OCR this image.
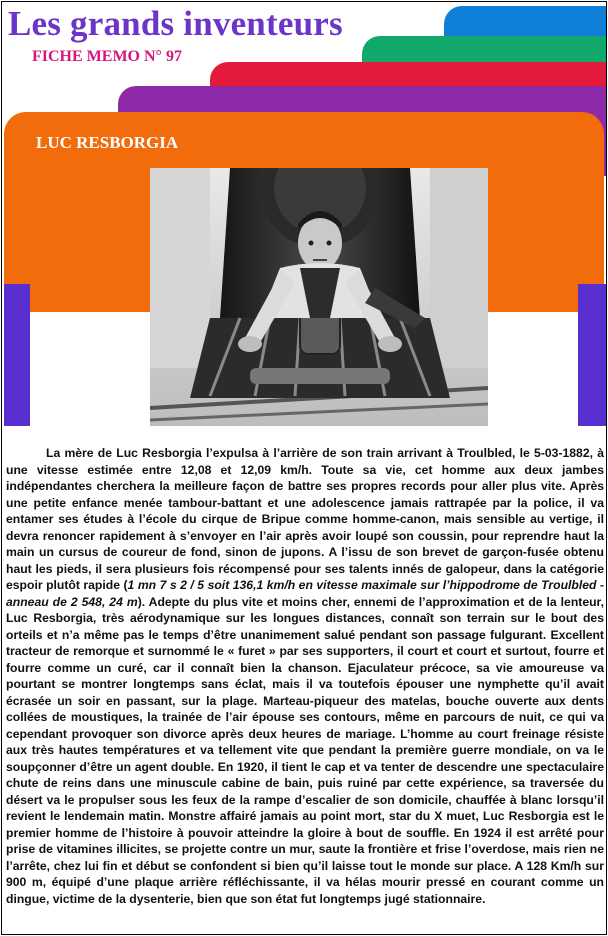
Les grands inventeurs
FICHE MEMO N° 97
LUC RESBORGIA

La mère de Luc Resborgia l’expulsa à l’arrière de son train arrivant à Troulbled, le 5-03-1882, à une vitesse estimée entre 12,08 et 12,09 km/h. Toute sa vie, cet homme aux deux jambes indépendantes cherchera la meilleure façon de battre ses propres records pour aller plus vite. Après une petite enfance menée tambour-battant et une adolescence jamais rattrapée par la police, il va entamer ses études à l’école du cirque de Bripue comme homme-canon, mais sensible au vertige, il devra renoncer rapidement à s’envoyer en l’air après avoir loupé son coussin, pour reprendre haut la main un cursus de coureur de fond, sinon de jupons. A l’issu de son brevet de garçon-fusée obtenu haut les pieds, il sera plusieurs fois récompensé pour ses talents innés de galopeur, dans la catégorie espoir plutôt rapide (1 mn 7 s 2 / 5 soit 136,1 km/h en vitesse maximale sur l’hippodrome de Troulbled - anneau de 2 548, 24 m). Adepte du plus vite et moins cher, ennemi de l’approximation et de la lenteur, Luc Resborgia, très aérodynamique sur les longues distances, connaît son terrain sur le bout des orteils et n’a même pas le temps d’être unanimement salué pendant son passage fulgurant. Excellent tracteur de remorque et surnommé le « furet » par ses supporters, il court et court et surtout, fourre et fourre comme un curé, car il connaît bien la chanson. Ejaculateur précoce, sa vie amoureuse va pourtant se montrer longtemps sans éclat, mais il va toutefois épouser une nymphette qu’il avait écrasée un soir en passant, sur la plage. Marteau-piqueur des matelas, bouche ouverte aux dents collées de moustiques, la trainée de l’air épouse ses contours, même en parcours de nuit, ce qui va cependant provoquer son divorce après deux heures de mariage. L’homme au court freinage résiste aux très hautes températures et va tellement vite que pendant la première guerre mondiale, on va le soupçonner d’être un agent double. En 1920, il tient le cap et va tenter de descendre une spectaculaire chute de reins dans une minuscule cabine de bain, puis ruiné par cette expérience, sa traversée du désert va le propulser sous les feux de la rampe d’escalier de son domicile, chauffée à blanc lorsqu’il revient le lendemain matin. Monstre affairé jamais au point mort, star du X muet, Luc Resborgia est le premier homme de l’histoire à pouvoir atteindre la gloire à bout de souffle. En 1924 il est arrêté pour prise de vitamines illicites, se projette contre un mur, saute la frontière et frise l’overdose, mais rien ne l’arrête, chez lui fin et début se confondent si bien qu’il laisse tout le monde sur place. A 128 Km/h sur 900 m, équipé d’une plaque arrière réfléchissante, il va hélas mourir pressé en courant comme un dingue, victime de la dysenterie, bien que son état fut longtemps jugé stationnaire.
